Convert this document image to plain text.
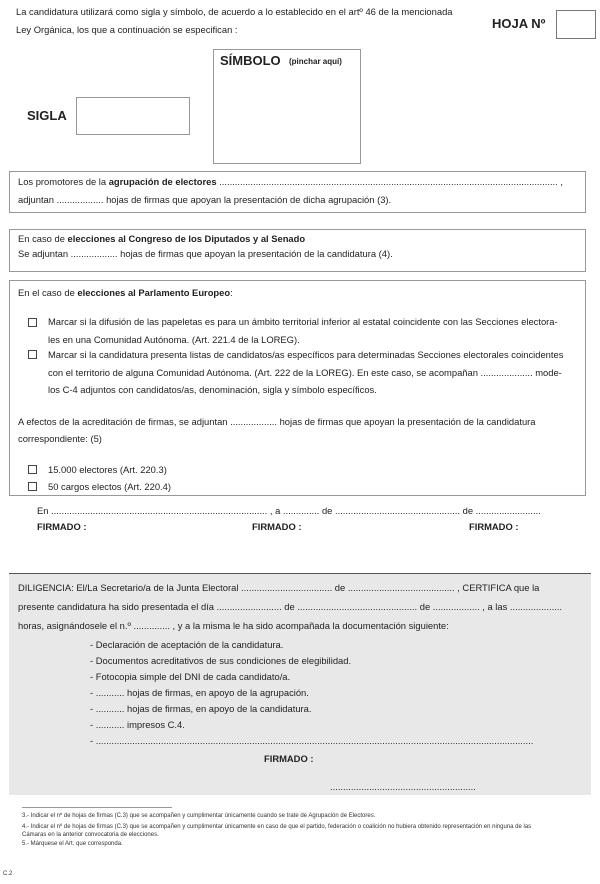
La candidatura utilizará como sigla y símbolo, de acuerdo a lo establecido en el artº 46 de la mencionada
Ley Orgánica, los que a continuación se especifican :	HOJA Nº
SIGLA
SÍMBOLO (pinchar aquí)
Los promotores de la agrupación de electores .................................................................................................................................. ,
adjuntan .................. hojas de firmas que apoyan la presentación de dicha agrupación (3).
En caso de elecciones al Congreso de los Diputados y al Senado
Se adjuntan .................. hojas de firmas que apoyan la presentación de la candidatura (4).
En el caso de elecciones al Parlamento Europeo:
Marcar si la difusión de las papeletas es para un ámbito territorial inferior al estatal coincidente con las Secciones electora-
les en una Comunidad Autónoma. (Art. 221.4 de la LOREG).
Marcar si la candidatura presenta listas de candidatos/as específicos para determinadas Secciones electorales coincidentes
con el territorio de alguna Comunidad Autónoma. (Art. 222 de la LOREG). En este caso, se acompañan .................... mode-
los C-4 adjuntos con candidatos/as, denominación, sigla y símbolo específicos.
A efectos de la acreditación de firmas, se adjuntan .................. hojas de firmas que apoyan la presentación de la candidatura
correspondiente: (5)
15.000 electores (Art. 220.3)
50 cargos electos (Art. 220.4)
En ................................................................................... , a .............. de ................................................ de .........................
FIRMADO :	FIRMADO :	FIRMADO :
DILIGENCIA: El/La Secretario/a de la Junta Electoral ................................... de ......................................... , CERTIFICA que la
presente candidatura ha sido presentada el día ......................... de .............................................. de .................. , a las ....................
horas, asignándosele el n.º .............. , y a la misma le ha sido acompañada la documentación siguiente:
- Declaración de aceptación de la candidatura.
- Documentos acreditativos de sus condiciones de elegibilidad.
- Fotocopia simple del DNI de cada candidato/a.
- ........... hojas de firmas, en apoyo de la agrupación.
- ........... hojas de firmas, en apoyo de la candidatura.
- ........... impresos C.4.
- ........................................................................................................................................................................
FIRMADO :
........................................................
3.- Indicar el nº de hojas de firmas (C.3) que se acompañen y cumplimentar únicamente cuando se trate de Agrupación de Electores.
4.- Indicar el nº de hojas de firmas (C.3) que se acompañen y cumplimentar únicamente en caso de que el partido, federación o coalición no hubiera obtenido representación en ninguna de las
Cámaras en la anterior convocatoria de elecciones.
5.- Márquese el Art. que corresponda.
C.2
